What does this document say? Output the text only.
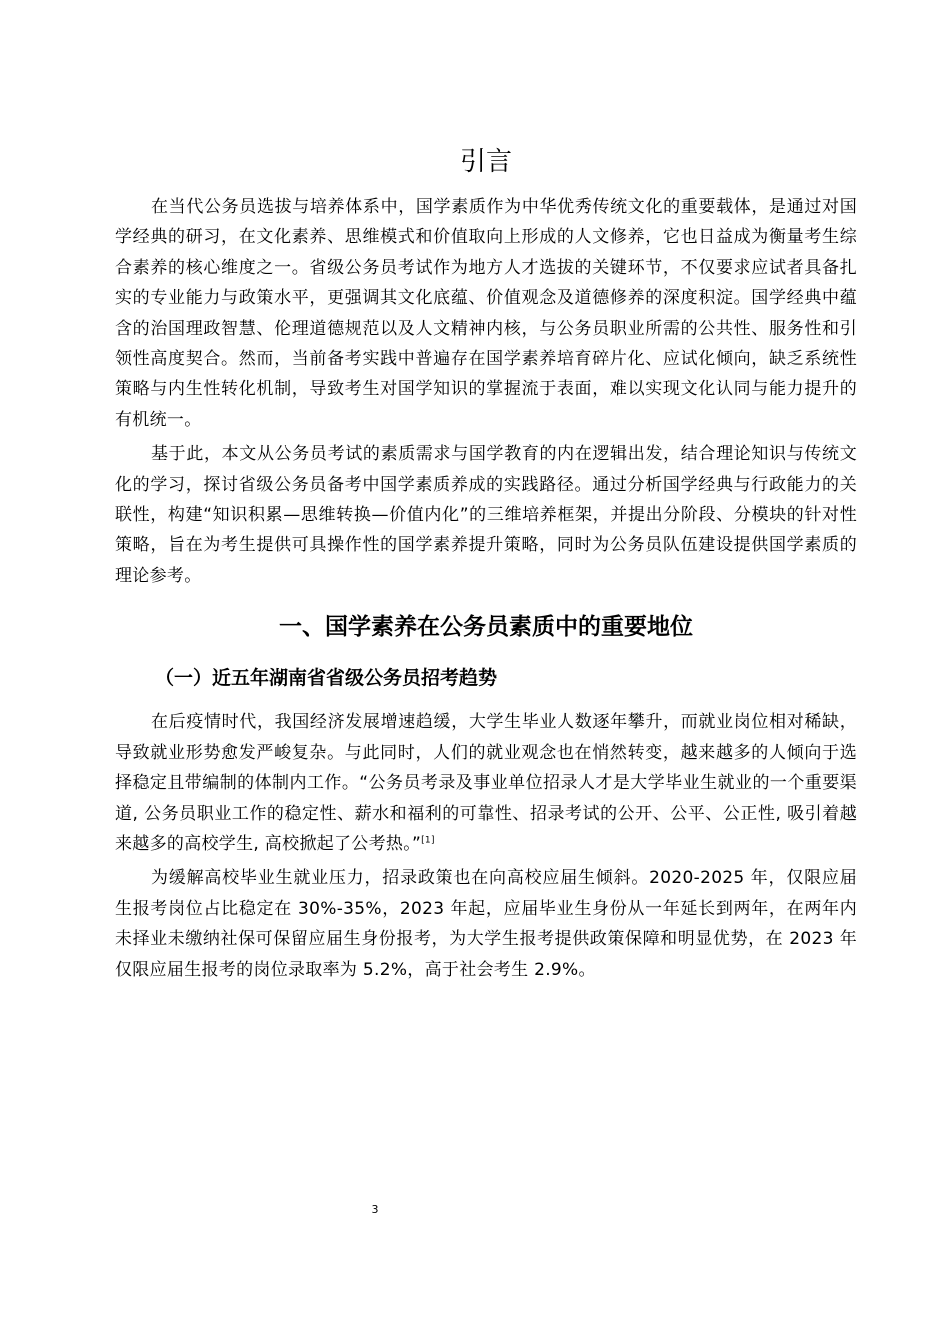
引言

在当代公务员选拔与培养体系中，国学素质作为中华优秀传统文化的重要载体，是通过对国学经典的研习，在文化素养、思维模式和价值取向上形成的人文修养，它也日益成为衡量考生综合素养的核心维度之一。省级公务员考试作为地方人才选拔的关键环节，不仅要求应试者具备扎实的专业能力与政策水平，更强调其文化底蕴、价值观念及道德修养的深度积淀。国学经典中蕴含的治国理政智慧、伦理道德规范以及人文精神内核，与公务员职业所需的公共性、服务性和引领性高度契合。然而，当前备考实践中普遍存在国学素养培育碎片化、应试化倾向，缺乏系统性策略与内生性转化机制，导致考生对国学知识的掌握流于表面，难以实现文化认同与能力提升的有机统一。

基于此，本文从公务员考试的素质需求与国学教育的内在逻辑出发，结合理论知识与传统文化的学习，探讨省级公务员备考中国学素质养成的实践路径。通过分析国学经典与行政能力的关联性，构建“知识积累—思维转换—价值内化”的三维培养框架，并提出分阶段、分模块的针对性策略，旨在为考生提供可具操作性的国学素养提升策略，同时为公务员队伍建设提供国学素质的理论参考。

一、国学素养在公务员素质中的重要地位
（一）近五年湖南省省级公务员招考趋势

在后疫情时代，我国经济发展增速趋缓，大学生毕业人数逐年攀升，而就业岗位相对稀缺，导致就业形势愈发严峻复杂。与此同时，人们的就业观念也在悄然转变，越来越多的人倾向于选择稳定且带编制的体制内工作。“公务员考录及事业单位招录人才是大学毕业生就业的一个重要渠道, 公务员职业工作的稳定性、薪水和福利的可靠性、招录考试的公开、公平、公正性, 吸引着越来越多的高校学生, 高校掀起了公考热。”[1]

为缓解高校毕业生就业压力，招录政策也在向高校应届生倾斜。2020-2025 年，仅限应届生报考岗位占比稳定在 30%-35%，2023 年起，应届毕业生身份从一年延长到两年，在两年内未择业未缴纳社保可保留应届生身份报考，为大学生报考提供政策保障和明显优势，在 2023 年仅限应届生报考的岗位录取率为 5.2%，高于社会考生 2.9%。

3
